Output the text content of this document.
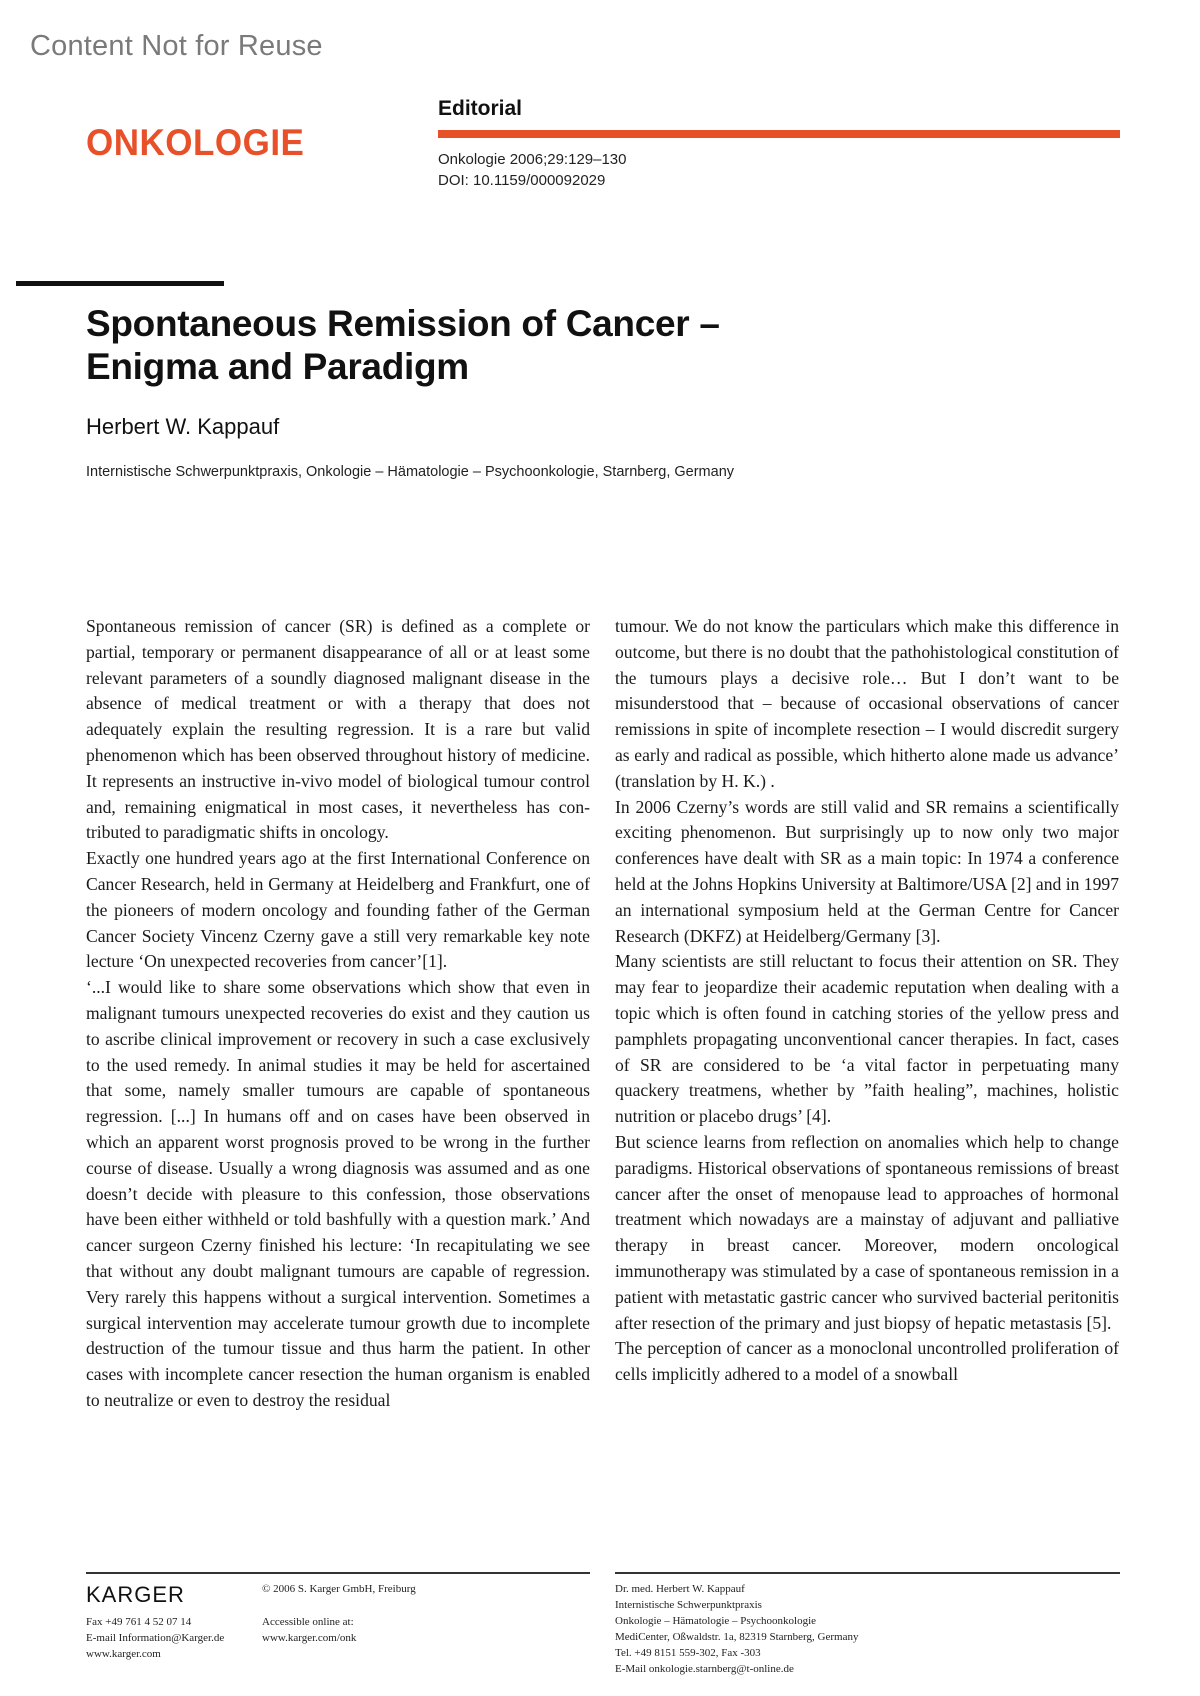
Content Not for Reuse
ONKOLOGIE
Editorial
Onkologie 2006;29:129–130
DOI: 10.1159/000092029
Spontaneous Remission of Cancer –
Enigma and Paradigm
Herbert W. Kappauf
Internistische Schwerpunktpraxis, Onkologie – Hämatologie – Psychoonkologie, Starnberg, Germany

Spontaneous remission of cancer (SR) is defined as a complete or partial, temporary or permanent disappearance of all or at least some relevant parameters of a soundly diagnosed malignant disease in the absence of medical treatment or with a therapy that does not adequately explain the resulting regression. It is a rare but valid phenomenon which has been observed throughout history of medicine. It represents an instructive in-vivo model of biological tumour control and, remaining enigmatical in most cases, it nevertheless has contributed to paradigmatic shifts in oncology.

Exactly one hundred years ago at the first International Conference on Cancer Research, held in Germany at Heidelberg and Frankfurt, one of the pioneers of modern oncology and founding father of the German Cancer Society Vincenz Czerny gave a still very remarkable key note lecture ‘On unexpected recoveries from cancer’[1].

‘...I would like to share some observations which show that even in malignant tumours unexpected recoveries do exist and they caution us to ascribe clinical improvement or recovery in such a case exclusively to the used remedy. In animal studies it may be held for ascertained that some, namely smaller tumours are capable of spontaneous regression. [...] In humans off and on cases have been observed in which an apparent worst prognosis proved to be wrong in the further course of disease. Usually a wrong diagnosis was assumed and as one doesn’t decide with pleasure to this confession, those observations have been either withheld or told bashfully with a question mark.’ And cancer surgeon Czerny finished his lecture: ‘In recapitulating we see that without any doubt malignant tumours are capable of regression. Very rarely this happens without a surgical intervention. Sometimes a surgical intervention may accelerate tumour growth due to incomplete destruction of the tumour tissue and thus harm the patient. In other cases with incomplete cancer resection the human organism is enabled to neutralize or even to destroy the residual

tumour. We do not know the particulars which make this difference in outcome, but there is no doubt that the pathohistological constitution of the tumours plays a decisive role… But I don’t want to be misunderstood that – because of occasional observations of cancer remissions in spite of incomplete resection – I would discredit surgery as early and radical as possible, which hitherto alone made us advance’ (translation by H. K.) .

In 2006 Czerny’s words are still valid and SR remains a scientifically exciting phenomenon. But surprisingly up to now only two major conferences have dealt with SR as a main topic: In 1974 a conference held at the Johns Hopkins University at Baltimore/USA [2] and in 1997 an international symposium held at the German Centre for Cancer Research (DKFZ) at Heidelberg/Germany [3].

Many scientists are still reluctant to focus their attention on SR. They may fear to jeopardize their academic reputation when dealing with a topic which is often found in catching stories of the yellow press and pamphlets propagating unconventional cancer therapies. In fact, cases of SR are considered to be ‘a vital factor in perpetuating many quackery treatmens, whether by ”faith healing”, machines, holistic nutrition or placebo drugs’ [4].

But science learns from reflection on anomalies which help to change paradigms. Historical observations of spontaneous remissions of breast cancer after the onset of menopause lead to approaches of hormonal treatment which nowadays are a mainstay of adjuvant and palliative therapy in breast cancer. Moreover, modern oncological immunotherapy was stimulated by a case of spontaneous remission in a patient with metastatic gastric cancer who survived bacterial peritonitis after resection of the primary and just biopsy of hepatic metastasis [5].

The perception of cancer as a monoclonal uncontrolled proliferation of cells implicitly adhered to a model of a snowball

KARGER
Fax +49 761 4 52 07 14
E-mail Information@Karger.de
www.karger.com
© 2006 S. Karger GmbH, Freiburg
Accessible online at:
www.karger.com/onk
Dr. med. Herbert W. Kappauf
Internistische Schwerpunktpraxis
Onkologie – Hämatologie – Psychoonkologie
MediCenter, Oßwaldstr. 1a, 82319 Starnberg, Germany
Tel. +49 8151 559-302, Fax -303
E-Mail onkologie.starnberg@t-online.de
